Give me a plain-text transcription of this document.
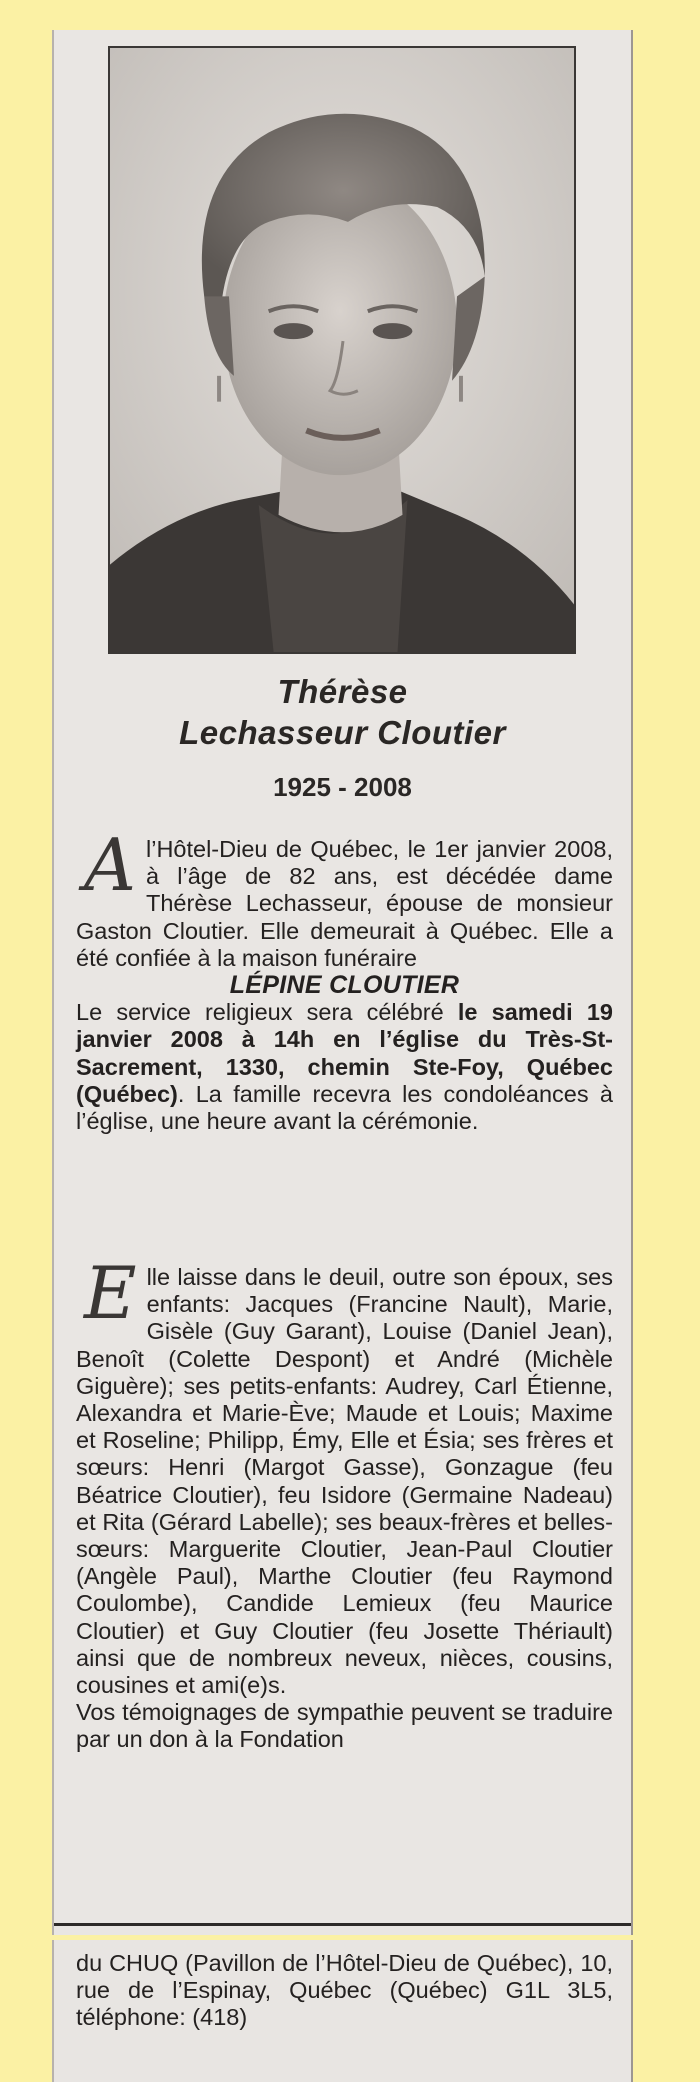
Thérèse
Lechasseur Cloutier
1925 - 2008

Al’Hôtel-Dieu de Québec, le 1er janvier 2008, à l’âge de 82 ans, est décédée dame Thérèse Lechasseur, épouse de monsieur Gaston Cloutier. Elle demeurait à Québec. Elle a été confiée à la maison funéraire
LÉPINE CLOUTIER
Le service religieux sera célébré le samedi 19 janvier 2008 à 14h en l’église du Très-St-Sacrement, 1330, chemin Ste-Foy, Québec (Québec). La famille recevra les condoléances à l’église, une heure avant la cérémonie.

Elle laisse dans le deuil, outre son époux, ses enfants: Jacques (Francine Nault), Marie, Gisèle (Guy Garant), Louise (Daniel Jean), Benoît (Colette Despont) et André (Michèle Giguère); ses petits-enfants: Audrey, Carl Étienne, Alexandra et Marie-Ève; Maude et Louis; Maxime et Roseline; Philipp, Émy, Elle et Ésia; ses frères et sœurs: Henri (Margot Gasse), Gonzague (feu Béatrice Cloutier), feu Isidore (Germaine Nadeau) et Rita (Gérard Labelle); ses beaux-frères et belles-sœurs: Marguerite Cloutier, Jean-Paul Cloutier (Angèle Paul), Marthe Cloutier (feu Raymond Coulombe), Candide Lemieux (feu Maurice Cloutier) et Guy Cloutier (feu Josette Thériault) ainsi que de nombreux neveux, nièces, cousins, cousines et ami(e)s.

Vos témoignages de sympathie peuvent se traduire par un don à la Fondation

du CHUQ (Pavillon de l’Hôtel-Dieu de Québec), 10, rue de l’Espinay, Québec (Québec) G1L 3L5, téléphone: (418)
